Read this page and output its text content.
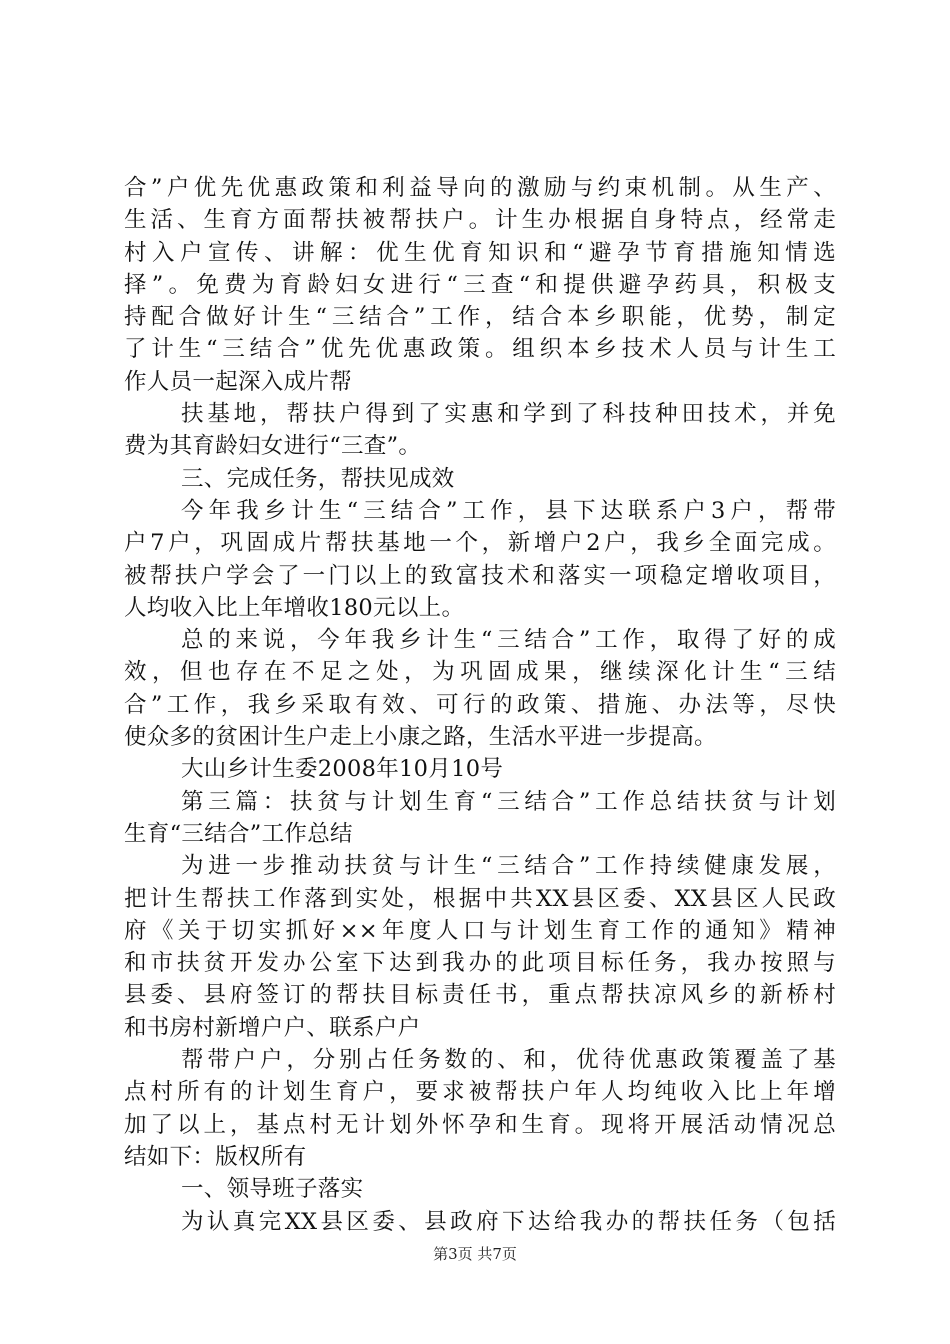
合”户优先优惠政策和利益导向的激励与约束机制。从生产、
生活、生育方面帮扶被帮扶户。计生办根据自身特点，经常走
村入户宣传、讲解：优生优育知识和“避孕节育措施知情选
择”。免费为育龄妇女进行“三查“和提供避孕药具，积极支
持配合做好计生“三结合”工作，结合本乡职能，优势，制定
了计生“三结合”优先优惠政策。组织本乡技术人员与计生工
作人员一起深入成片帮
扶基地，帮扶户得到了实惠和学到了科技种田技术，并免
费为其育龄妇女进行“三查”。
三、完成任务，帮扶见成效
今年我乡计生“三结合”工作，县下达联系户3户，帮带
户7户，巩固成片帮扶基地一个，新增户2户，我乡全面完成。
被帮扶户学会了一门以上的致富技术和落实一项稳定增收项目，
人均收入比上年增收180元以上。
总的来说，今年我乡计生“三结合”工作，取得了好的成
效，但也存在不足之处，为巩固成果，继续深化计生“三结
合”工作，我乡采取有效、可行的政策、措施、办法等，尽快
使众多的贫困计生户走上小康之路，生活水平进一步提高。
大山乡计生委2008年10月10号
第三篇：扶贫与计划生育“三结合”工作总结扶贫与计划
生育“三结合”工作总结
为进一步推动扶贫与计生“三结合”工作持续健康发展，
把计生帮扶工作落到实处，根据中共XX县区委、XX县区人民政
府《关于切实抓好××年度人口与计划生育工作的通知》精神
和市扶贫开发办公室下达到我办的此项目标任务，我办按照与
县委、县府签订的帮扶目标责任书，重点帮扶凉风乡的新桥村
和书房村新增户户、联系户户
帮带户户，分别占任务数的、和，优待优惠政策覆盖了基
点村所有的计划生育户，要求被帮扶户年人均纯收入比上年增
加了以上，基点村无计划外怀孕和生育。现将开展活动情况总
结如下：版权所有
一、领导班子落实
为认真完XX县区委、县政府下达给我办的帮扶任务（包括
第3页 共7页
